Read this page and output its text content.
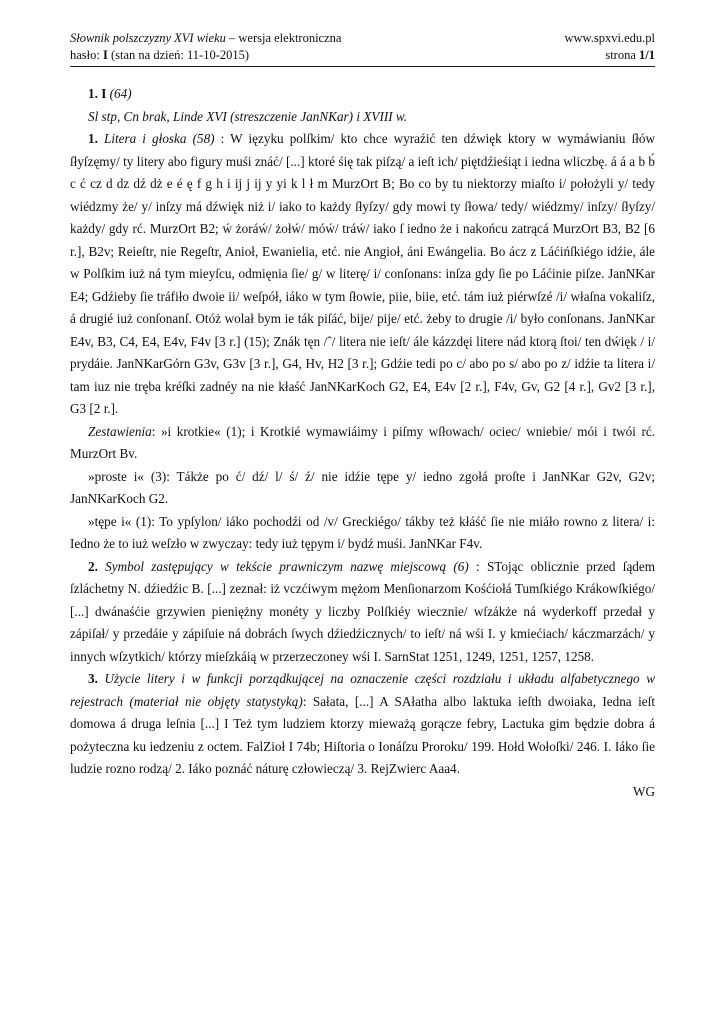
Słownik polszczyzny XVI wieku – wersja elektroniczna	www.spxvi.edu.pl
hasło: I (stan na dzień: 11-10-2015)	strona 1/1

1. I (64)

Sl stp, Cn brak, Linde XVI (streszczenie JanNKar) i XVIII w.

1. Litera i głoska (58) : W ięzyku polſkim/ kto chce wyraźić ten dźwięk ktory w wymáwianiu ſłów ſłyſzęmy/ ty litery abo figury muśi znáć/ [...] ktoré śię tak piſzą/ a ieſt ich/ piętdźieśiąt i iedna wliczbę. á á a b b́ c ć cz d dz dź dż e é ę f g h i ij j ij y yi k l ł m MurzOrt B; Bo co by tu niektorzy miaſto i/ położyli y/ tedy wiédzmy że/ y/ inſzy má dźwięk niż i/ iako to każdy ſłyſzy/ gdy mowi ty ſłowa/ tedy/ wiédzmy/ inſzy/ ſłyſzy/ każdy/ gdy rć. MurzOrt B2; ẃ żoráẃ/ żołẃ/ móẃ/ tráẃ/ iako ſ iedno że i nakońcu zatrącá MurzOrt B3, B2 [6 r.], B2v; Reieſtr, nie Regeſtr, Anioł, Ewanielia, etć. nie Angioł, áni Ewángelia. Bo ácz z Láćińſkiégo idźie, ále w Polſkim iuż ná tym mieyſcu, odmięnia ſie/ g/ w literę/ i/ conſonans: inſza gdy ſie po Láćinie piſze. JanNKar E4; Gdźieby ſie tráfiło dwoie ii/ weſpół, iáko w tym ſłowie, piie, biie, etć. tám iuż piérwſzé /i/ właſna vokaliſz, á drugié iuż conſonanſ. Otóż wolał bym ie ták piſáć, bije/ pije/ etć. żeby to drugie /i/ było conſonans. JanNKar E4v, B3, C4, E4, E4v, F4v [3 r.] (15); Znák tęn /ˆ/ litera nie ieſt/ ále kázzdęi litere nád ktorą ſtoi/ ten dẃięk / i/ prydáie. JanNKarGórn G3v, G3v [3 r.], G4, Hv, H2 [3 r.]; Gdźie tedi po c/ abo po s/ abo po z/ idźie ta litera i/ tam iuz nie tręba kréſki zadnéy na nie kłaść JanNKarKoch G2, E4, E4v [2 r.], F4v, Gv, G2 [4 r.], Gv2 [3 r.], G3 [2 r.].

Zestawienia: »i krotkie« (1); i Krotkié wymawiáimy i piſmy wſłowach/ ociec/ wniebie/ mói i twói rć. MurzOrt Bv.

»proste i« (3): Tákże po ć/ dź/ l/ ś/ ź/ nie idźie tępe y/ iedno zgołá proſte i JanNKar G2v, G2v; JanNKarKoch G2.

»tępe i« (1): To ypſylon/ iáko pochodźi od /v/ Greckiégo/ tákby też kłáść ſie nie miáło rowno z litera/ i: Iedno że to iuż weſzło w zwyczay: tedy iuż tępym i/ bydź muśi. JanNKar F4v.

2. Symbol zastępujący w tekście prawniczym nazwę miejscową (6) : STojąc oblicznie przed ſądem ſzláchetny N. dźiedźic B. [...] zeznał: iż vczćiwym mężom Menſionarzom Kośćiołá Tumſkiégo Krákowſkiégo/ [...] dwánaśćie grzywien pieniężny monéty y liczby Polſkiéy wiecznie/ wſzákże ná wyderkoff przedał y zápiſał/ y przedáie y zápiſuie ná dobrách ſwych dźiedźicznych/ to ieſt/ ná wśi I. y kmiećiach/ káczmarzách/ y innych wſzytkich/ którzy mieſzkáią w przerzeczoney wśi I. SarnStat 1251, 1249, 1251, 1257, 1258.

3. Użycie litery i w funkcji porządkującej na oznaczenie części rozdziału i układu alfabetycznego w rejestrach (materiał nie objęty statystyką): Sałata, [...] A SAłatha albo laktuka ieſth dwoiaka, Iedna ieſt domowa á druga leſnia [...] I Też tym ludziem ktorzy mieważą gorącze febry, Lactuka gim będzie dobra á pożyteczna ku iedzeniu z octem. FalZioł I 74b; Hiſtoria o Ionáſzu Proroku/ 199. Hołd Wołoſki/ 246. I. Iáko ſie ludzie rozno rodzą/ 2. Iáko poznáć náturę człowieczą/ 3. RejZwierc Aaa4.

WG
